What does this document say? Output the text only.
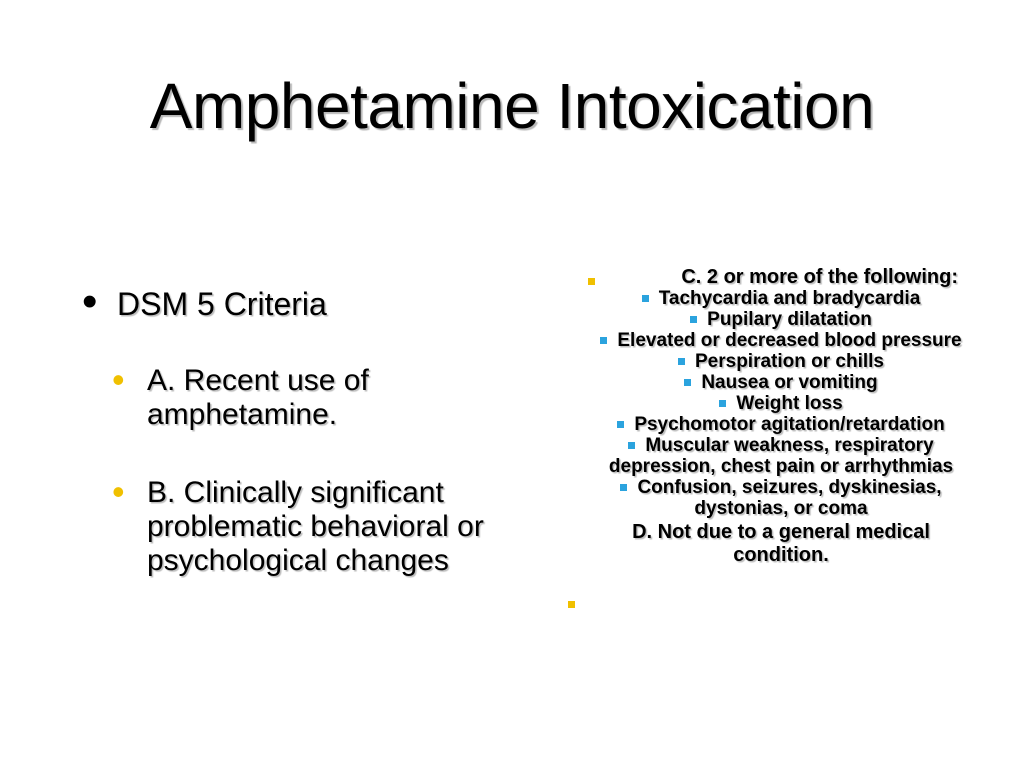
Amphetamine Intoxication
• DSM 5 Criteria
• A. Recent use of amphetamine.
• B. Clinically significant problematic behavioral or psychological changes
C. 2 or more of the following:
Tachycardia and bradycardia
Pupilary dilatation
Elevated or decreased blood pressure
Perspiration or chills
Nausea or vomiting
Weight loss
Psychomotor agitation/retardation
Muscular weakness, respiratory depression, chest pain or arrhythmias
Confusion, seizures, dyskinesias, dystonias, or coma
D. Not due to a general medical condition.
